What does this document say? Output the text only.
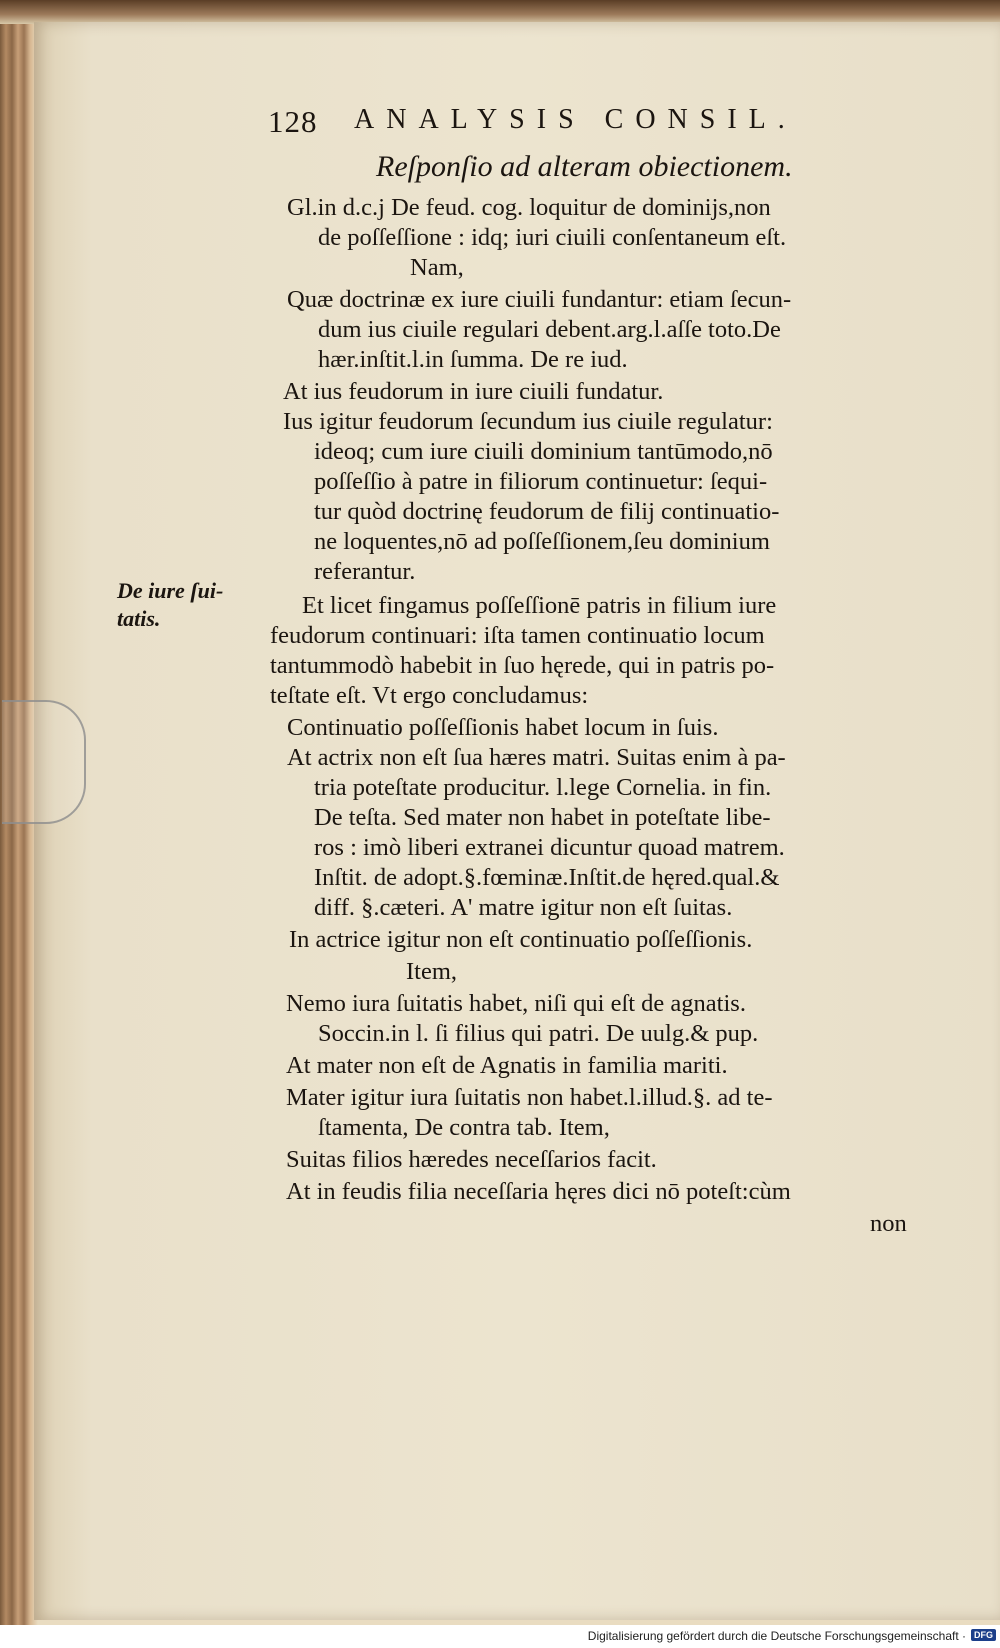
128 ANALYSIS CONSIL.
Reſponſio ad alteram obiectionem.
De iure ſui-
tatis.
Gl.in d.c.j De feud. cog. loquitur de dominijs,non
de poſſeſſione : idq; iuri ciuili conſentaneum eſt.
Nam,
Quæ doctrinæ ex iure ciuili fundantur: etiam ſecun-
dum ius ciuile regulari debent.arg.l.aſſe toto.De
hær.inſtit.l.in ſumma. De re iud.
At ius feudorum in iure ciuili fundatur.
Ius igitur feudorum ſecundum ius ciuile regulatur:
ideoq; cum iure ciuili dominium tantūmodo,nō
poſſeſſio à patre in filiorum continuetur: ſequi-
tur quòd doctrinę feudorum de filij continuatio-
ne loquentes,nō ad poſſeſſionem,ſeu dominium
referantur.
Et licet fingamus poſſeſſionē patris in filium iure
feudorum continuari: iſta tamen continuatio locum
tantummodò habebit in ſuo hęrede, qui in patris po-
teſtate eſt. Vt ergo concludamus:
Continuatio poſſeſſionis habet locum in ſuis.
At actrix non eſt ſua hæres matri. Suitas enim à pa-
tria poteſtate producitur. l.lege Cornelia. in fin.
De teſta. Sed mater non habet in poteſtate libe-
ros : imò liberi extranei dicuntur quoad matrem.
Inſtit. de adopt.§.fœminæ.Inſtit.de hęred.qual.&
diff. §.cæteri. A' matre igitur non eſt ſuitas.
In actrice igitur non eſt continuatio poſſeſſionis.
Item,
Nemo iura ſuitatis habet, niſi qui eſt de agnatis.
Soccin.in l. ſi filius qui patri. De uulg.& pup.
At mater non eſt de Agnatis in familia mariti.
Mater igitur iura ſuitatis non habet.l.illud.§. ad te-
ſtamenta, De contra tab. Item,
Suitas filios hæredes neceſſarios facit.
At in feudis filia neceſſaria hęres dici nō poteſt:cùm
non
Digitalisierung gefördert durch die Deutsche Forschungsgemeinschaft · DFG
